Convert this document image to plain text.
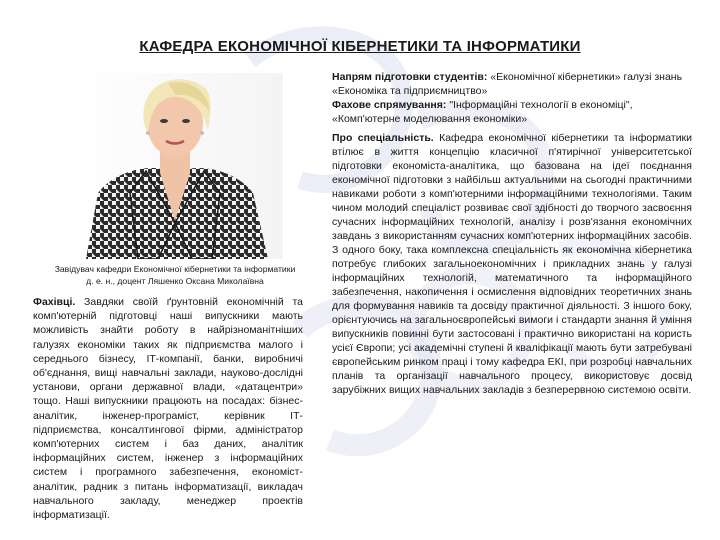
КАФЕДРА ЕКОНОМІЧНОЇ КІБЕРНЕТИКИ ТА ІНФОРМАТИКИ
Завідувач кафедри Економічної кібернетики та інформатики
д. е. н., доцент Ляшенко Оксана Миколаївна
Фахівці. Завдяки своїй ґрунтовній економічній та комп'ютерній підготовці наші випускники мають можливість знайти роботу в найрізноманітніших галузях економіки таких як підприємства малого і середнього бізнесу, ІТ-компанії, банки, виробничі об'єднання, вищі навчальні заклади, науково-дослідні установи, органи державної влади, «датацентри» тощо. Наші випускники працюють на посадах: бізнес-аналітик, інженер-програміст, керівник ІТ-підприємства, консалтингової фірми, адміністратор комп'ютерних систем і баз даних, аналітик інформаційних систем, інженер з інформаційних систем і програмного забезпечення, економіст-аналітик, радник з питань інформатизації, викладач навчального закладу, менеджер проектів інформатизації.
Напрям підготовки студентів: «Економічної кібернетики» галузі знань «Економіка та підприємництво»
Фахове спрямування: "Інформаційні технології в економіці", «Комп'ютерне моделювання економіки»
Про спеціальність. Кафедра економічної кібернетики та інформатики втілює в життя концепцію класичної п'ятирічної університетської підготовки економіста-аналітика, що базована на ідеї поєднання економічної підготовки з найбільш актуальними на сьогодні практичними навиками роботи з комп'ютерними інформаційними технологіями. Таким чином молодий спеціаліст розвиває свої здібності до творчого засвоєння сучасних інформаційних технологій, аналізу і розв'язання економічних завдань з використанням сучасних комп'ютерних інформаційних засобів. З одного боку, така комплексна спеціальність як економічна кібернетика потребує глибоких загальноекономічних і прикладних знань у галузі інформаційних технологій, математичного та інформаційного забезпечення, накопичення і осмислення відповідних теоретичних знань для формування навиків та досвіду практичної діяльності. З іншого боку, орієнтуючись на загальноєвропейські вимоги і стандарти знання й уміння випускників повинні бути застосовані і практично використані на користь усієї Європи; усі академічні ступені й кваліфікації мають бути затребувані європейським ринком праці і тому кафедра ЕКІ, при розробці навчальних планів та організації навчального процесу, використовує досвід зарубіжних вищих навчальних закладів з безперервною системою освіти.
